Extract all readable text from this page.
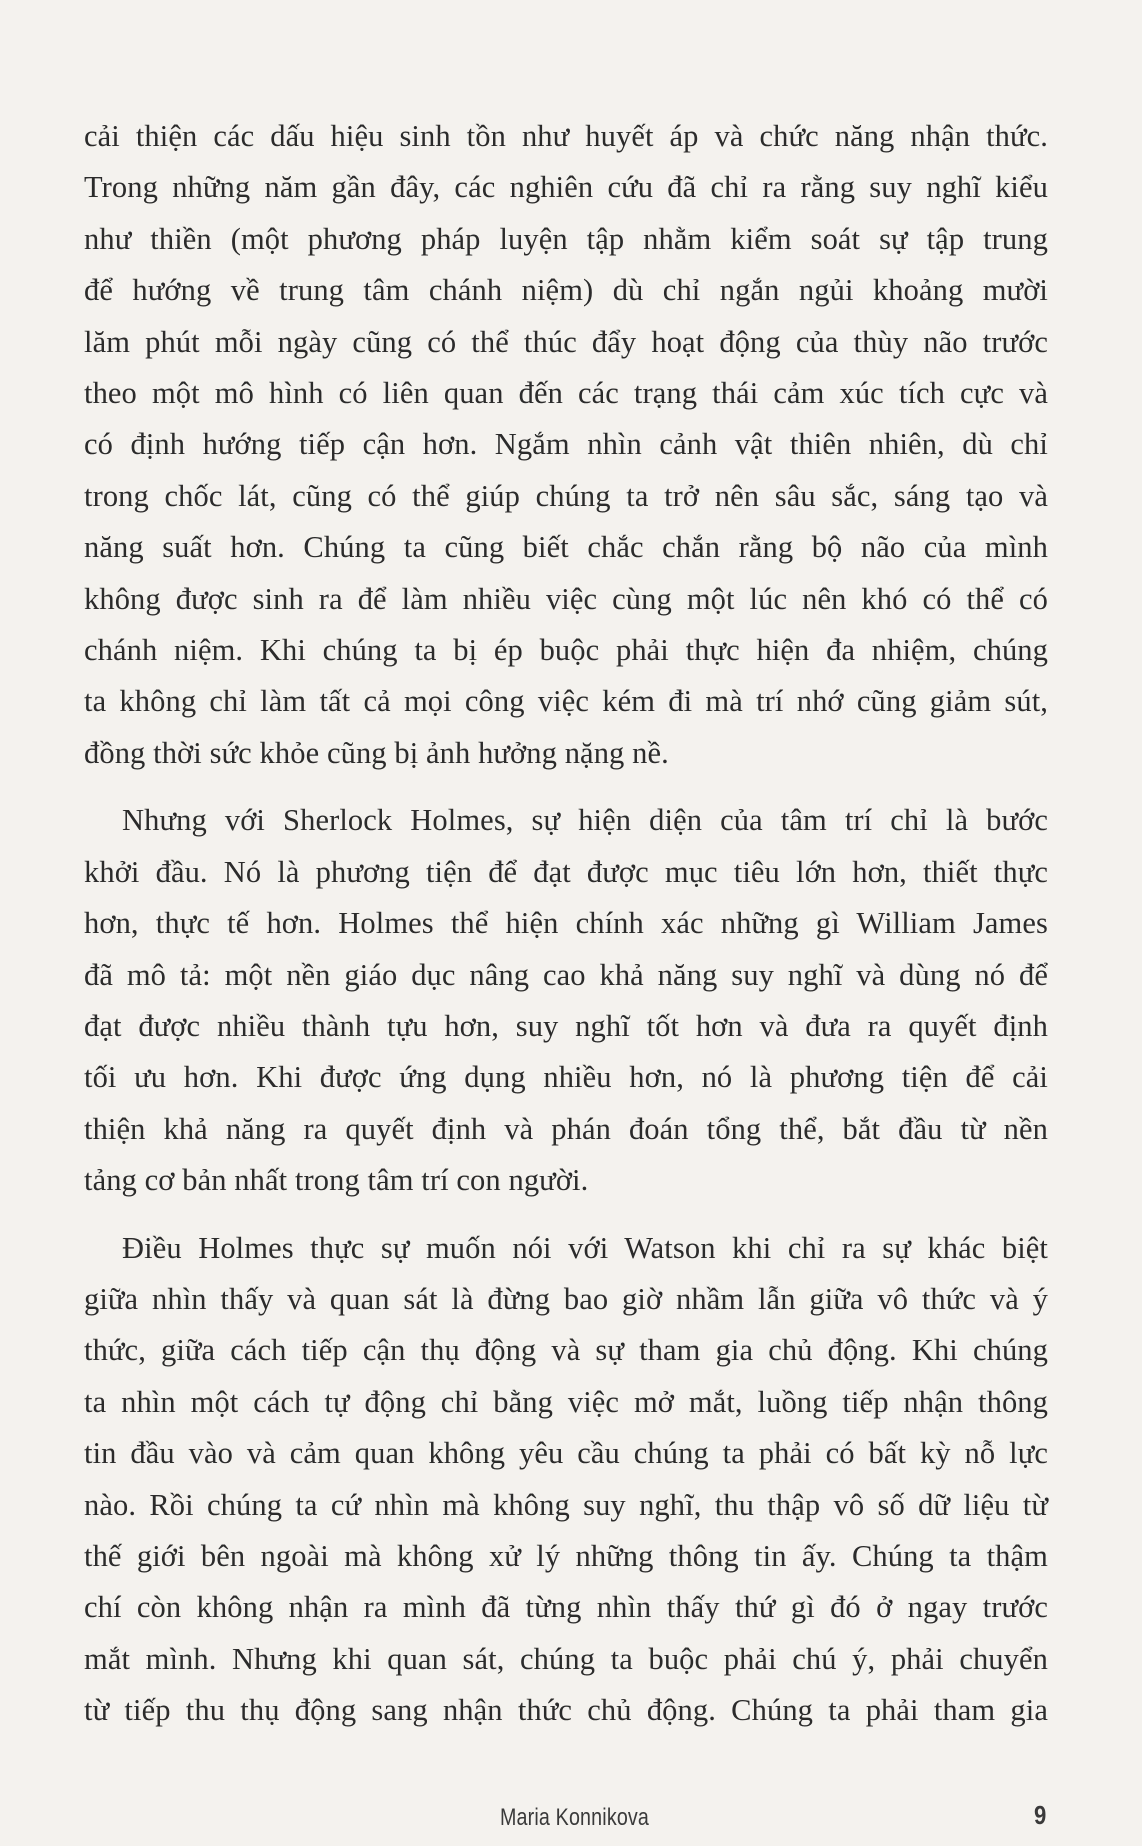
cải thiện các dấu hiệu sinh tồn như huyết áp và chức năng nhận thức.
Trong những năm gần đây, các nghiên cứu đã chỉ ra rằng suy nghĩ kiểu
như thiền (một phương pháp luyện tập nhằm kiểm soát sự tập trung
để hướng về trung tâm chánh niệm) dù chỉ ngắn ngủi khoảng mười
lăm phút mỗi ngày cũng có thể thúc đẩy hoạt động của thùy não trước
theo một mô hình có liên quan đến các trạng thái cảm xúc tích cực và
có định hướng tiếp cận hơn. Ngắm nhìn cảnh vật thiên nhiên, dù chỉ
trong chốc lát, cũng có thể giúp chúng ta trở nên sâu sắc, sáng tạo và
năng suất hơn. Chúng ta cũng biết chắc chắn rằng bộ não của mình
không được sinh ra để làm nhiều việc cùng một lúc nên khó có thể có
chánh niệm. Khi chúng ta bị ép buộc phải thực hiện đa nhiệm, chúng
ta không chỉ làm tất cả mọi công việc kém đi mà trí nhớ cũng giảm sút,
đồng thời sức khỏe cũng bị ảnh hưởng nặng nề.

Nhưng với Sherlock Holmes, sự hiện diện của tâm trí chỉ là bước
khởi đầu. Nó là phương tiện để đạt được mục tiêu lớn hơn, thiết thực
hơn, thực tế hơn. Holmes thể hiện chính xác những gì William James
đã mô tả: một nền giáo dục nâng cao khả năng suy nghĩ và dùng nó để
đạt được nhiều thành tựu hơn, suy nghĩ tốt hơn và đưa ra quyết định
tối ưu hơn. Khi được ứng dụng nhiều hơn, nó là phương tiện để cải
thiện khả năng ra quyết định và phán đoán tổng thể, bắt đầu từ nền
tảng cơ bản nhất trong tâm trí con người.

Điều Holmes thực sự muốn nói với Watson khi chỉ ra sự khác biệt
giữa nhìn thấy và quan sát là đừng bao giờ nhầm lẫn giữa vô thức và ý
thức, giữa cách tiếp cận thụ động và sự tham gia chủ động. Khi chúng
ta nhìn một cách tự động chỉ bằng việc mở mắt, luồng tiếp nhận thông
tin đầu vào và cảm quan không yêu cầu chúng ta phải có bất kỳ nỗ lực
nào. Rồi chúng ta cứ nhìn mà không suy nghĩ, thu thập vô số dữ liệu từ
thế giới bên ngoài mà không xử lý những thông tin ấy. Chúng ta thậm
chí còn không nhận ra mình đã từng nhìn thấy thứ gì đó ở ngay trước
mắt mình. Nhưng khi quan sát, chúng ta buộc phải chú ý, phải chuyển
từ tiếp thu thụ động sang nhận thức chủ động. Chúng ta phải tham gia

Maria Konnikova	9
